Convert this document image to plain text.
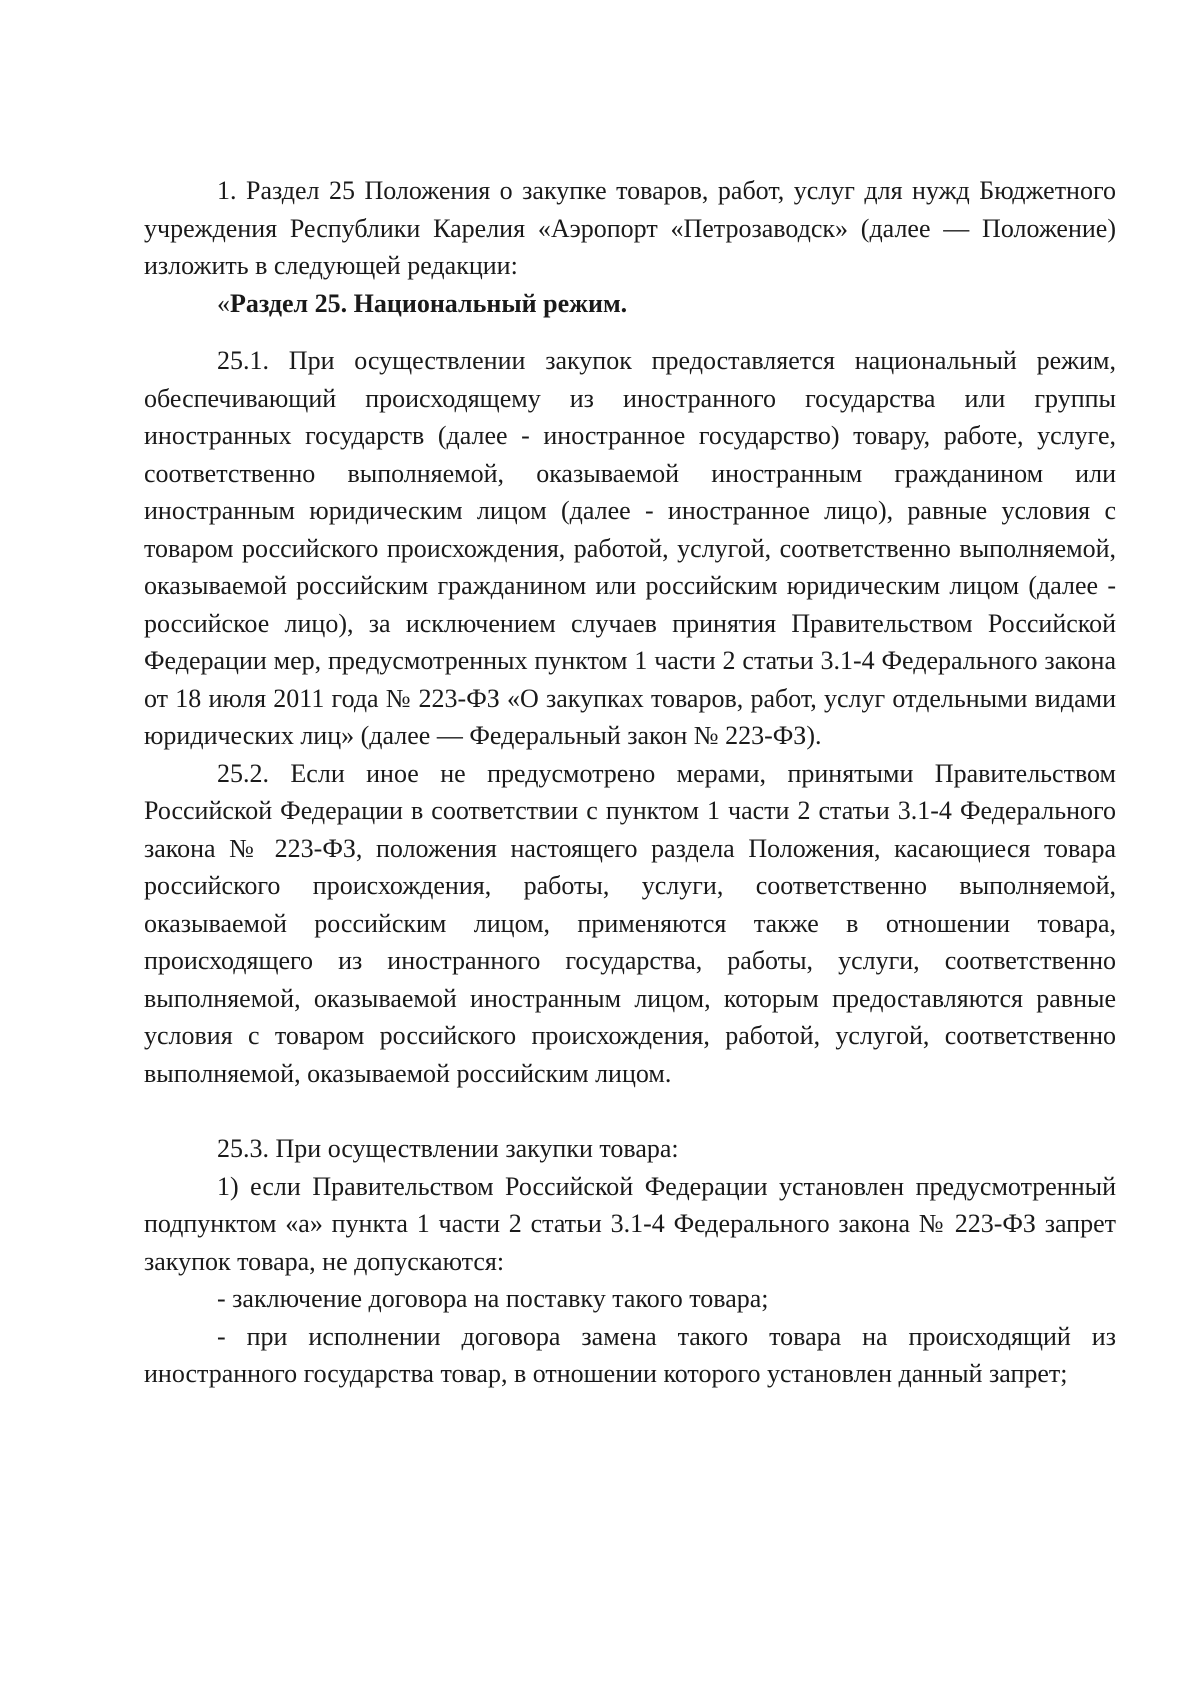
1. Раздел 25 Положения о закупке товаров, работ, услуг для нужд Бюджетного учреждения Республики Карелия «Аэропорт «Петрозаводск» (далее — Положение) изложить в следующей редакции:

«Раздел 25. Национальный режим.

25.1. При осуществлении закупок предоставляется национальный режим, обеспечивающий происходящему из иностранного государства или группы иностранных государств (далее - иностранное государство) товару, работе, услуге, соответственно выполняемой, оказываемой иностранным гражданином или иностранным юридическим лицом (далее - иностранное лицо), равные условия с товаром российского происхождения, работой, услугой, соответственно выполняемой, оказываемой российским гражданином или российским юридическим лицом (далее - российское лицо), за исключением случаев принятия Правительством Российской Федерации мер, предусмотренных пунктом 1 части 2 статьи 3.1-4 Федерального закона от 18 июля 2011 года № 223-ФЗ «О закупках товаров, работ, услуг отдельными видами юридических лиц» (далее — Федеральный закон № 223-ФЗ).

25.2. Если иное не предусмотрено мерами, принятыми Правительством Российской Федерации в соответствии с пунктом 1 части 2 статьи 3.1-4 Федерального закона № 223-ФЗ, положения настоящего раздела Положения, касающиеся товара российского происхождения, работы, услуги, соответственно выполняемой, оказываемой российским лицом, применяются также в отношении товара, происходящего из иностранного государства, работы, услуги, соответственно выполняемой, оказываемой иностранным лицом, которым предоставляются равные условия с товаром российского происхождения, работой, услугой, соответственно выполняемой, оказываемой российским лицом.

25.3. При осуществлении закупки товара:

1) если Правительством Российской Федерации установлен предусмотренный подпунктом «а» пункта 1 части 2 статьи 3.1-4 Федерального закона № 223-ФЗ запрет закупок товара, не допускаются:

- заключение договора на поставку такого товара;

- при исполнении договора замена такого товара на происходящий из иностранного государства товар, в отношении которого установлен данный запрет;
